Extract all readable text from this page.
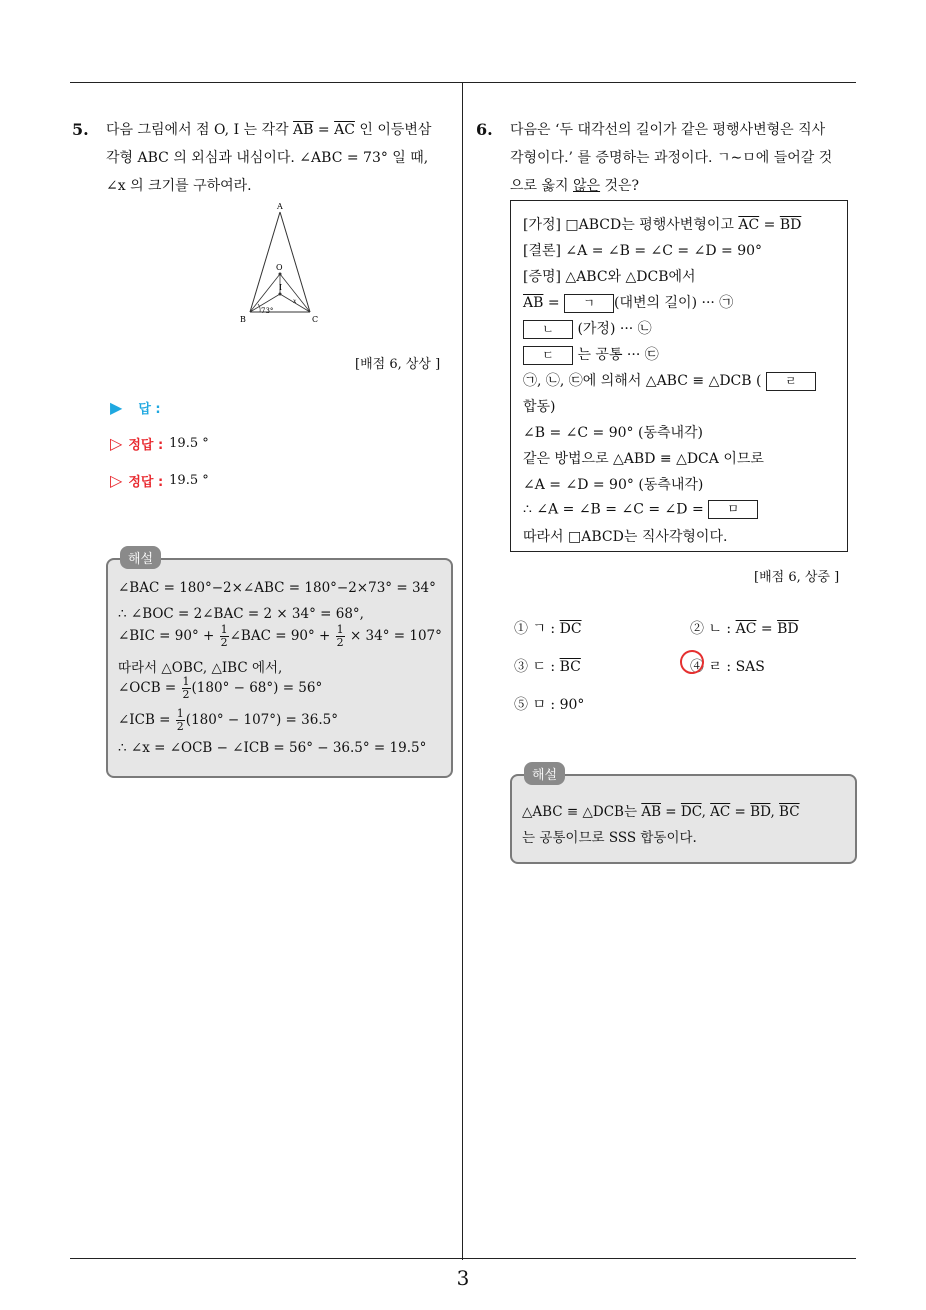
3
5. 다음 그림에서 점 O, I 는 각각 $\overline{AB} = \overline{AC}$ 인 이등변삼
각형 ABC 의 외심과 내심이다. ∠ABC = 73° 일 때,
∠x 의 크기를 구하여라.
A
O
I
x
B	C
73°
[배점 6, 상상 ]
▶ 답 :
▷ 정답 : 19.5 °
▷ 정답 : 19.5 °
해설
∠BAC = 180°−2×∠ABC = 180°−2×73° = 34°
∴ ∠BOC = 2∠BAC = 2 × 34° = 68°,
∠BIC = $90^\circ + \frac{1}{2}$ ∠BAC = $90^\circ + \frac{1}{2} \times 34^\circ = 107^\circ$
따라서 △OBC, △IBC 에서,
∠OCB = $\frac{1}{2} (180^\circ - 68^\circ) = 56^\circ$
∠ICB = $\frac{1}{2} (180^\circ - 107^\circ) = 36.5^\circ$
∴ ∠x = ∠OCB − ∠ICB = 56° − 36.5° = 19.5°
6. 다음은 ‘두 대각선의 길이가 같은 평행사변형은 직사
각형이다.’ 를 증명하는 과정이다. ㄱ∼ㅁ에 들어갈 것
으로 옳지 않은 것은?
[가정] □ABCD는 평행사변형이고 $\overline{AC} = \overline{BD}$
[결론] ∠A = ∠B = ∠C = ∠D = 90°
[증명] △ABC와 △DCB에서
$\overline{AB}$ = ㄱ (대변의 길이) ··· ㉠
ㄴ (가정) ··· ㉡
ㄷ 는 공통 ··· ㉢
㉠, ㉡, ㉢에 의해서 △ABC ≡ △DCB ( ㄹ
합동)
∠B = ∠C = 90° (동측내각)
같은 방법으로 △ABD ≡ △DCA 이므로
∠A = ∠D = 90° (동측내각)
∴ ∠A = ∠B = ∠C = ∠D = ㅁ
따라서 □ABCD는 직사각형이다.
[배점 6, 상중 ]
① ㄱ : $\overline{DC}$	② ㄴ : $\overline{AC} = \overline{BD}$
③ ㄷ : $\overline{BC}$	④ ㄹ : SAS
⑤ ㅁ : 90°
해설
△ABC ≡ △DCB는 $\overline{AB} = \overline{DC}$, $\overline{AC} = \overline{BD}$, $\overline{BC}$
는 공통이므로 SSS 합동이다.
